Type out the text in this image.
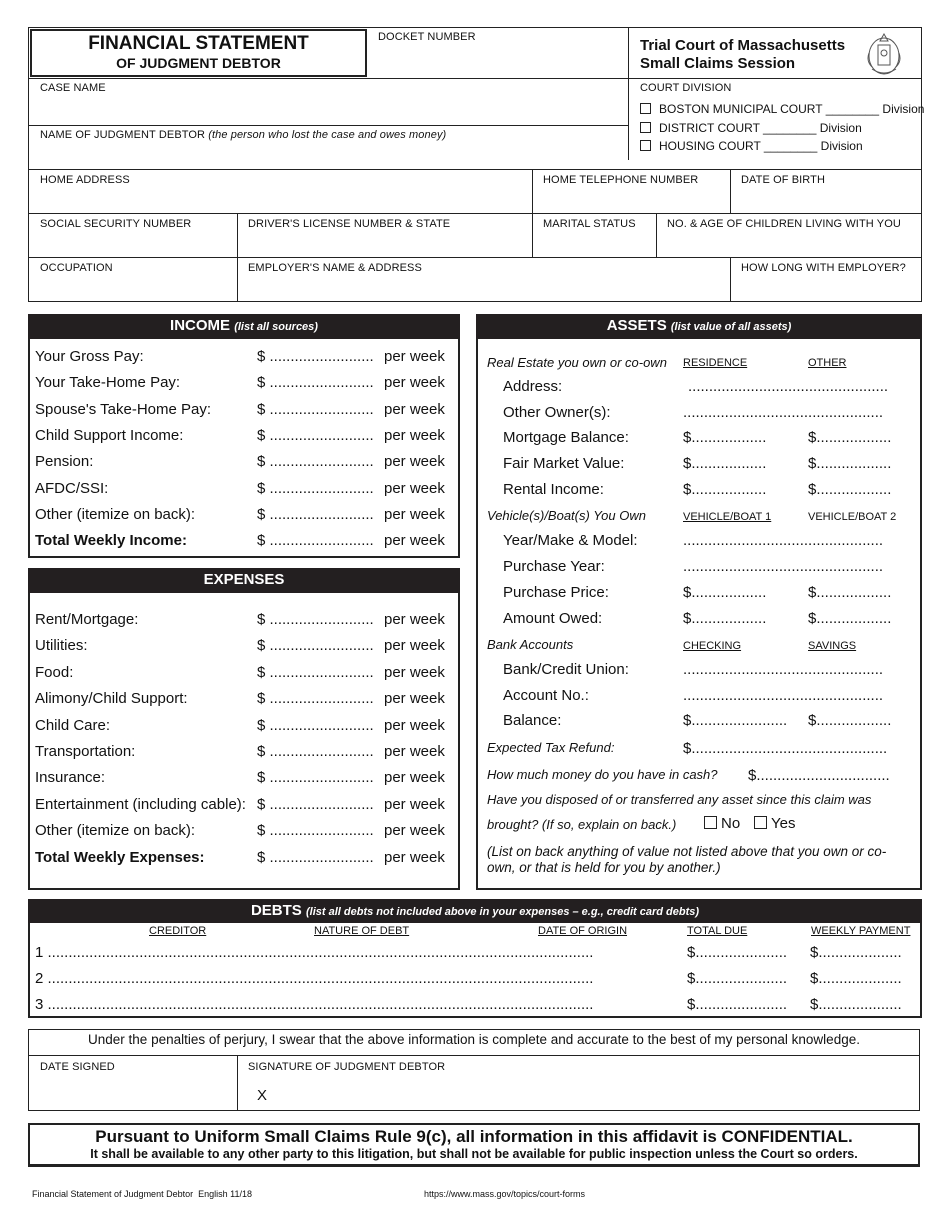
FINANCIAL STATEMENT
OF JUDGMENT DEBTOR
DOCKET NUMBER	Trial Court of Massachusetts
Small Claims Session
CASE NAME
NAME OF JUDGMENT DEBTOR (the person who lost the case and owes money)
COURT DIVISION
BOSTON MUNICIPAL COURT ________ Division
DISTRICT COURT ________ Division
HOUSING COURT ________ Division
HOME ADDRESS	HOME TELEPHONE NUMBER	DATE OF BIRTH
SOCIAL SECURITY NUMBER	DRIVER'S LICENSE NUMBER & STATE	MARITAL STATUS	NO. & AGE OF CHILDREN LIVING WITH YOU
OCCUPATION	EMPLOYER'S NAME & ADDRESS	HOW LONG WITH EMPLOYER?
INCOME (list all sources)
EXPENSES
ASSETS (list value of all assets)
Real Estate you own or co-own RESIDENCE	OTHER
Address:	................................................
Other Owner(s):	................................................
Mortgage Balance:	$..................	$..................
Fair Market Value:	$..................	$..................
Rental Income:	$..................	$..................
Vehicle(s)/Boat(s) You Own	VEHICLE/BOAT 1	VEHICLE/BOAT 2
Year/Make & Model:	................................................
Purchase Year:	................................................
Purchase Price:	$..................	$..................
Amount Owed:	$..................	$..................
Bank Accounts	CHECKING	SAVINGS
Bank/Credit Union:	................................................
Account No.:	................................................
Balance:	$....................... $..................
Expected Tax Refund:	$...............................................
How much money do you have in cash? $................................
Have you disposed of or transferred any asset since this claim was
brought? (If so, explain on back.)	No	Yes
(List on back anything of value not listed above that you own or co-own, or that is held for you by another.)
DEBTS (list all debts not included above in your expenses – e.g., credit card debts)
CREDITOR	NATURE OF DEBT	DATE OF ORIGIN	TOTAL DUE	WEEKLY PAYMENT
Under the penalties of perjury, I swear that the above information is complete and accurate to the best of my personal knowledge.
DATE SIGNED	SIGNATURE OF JUDGMENT DEBTOR
X
Pursuant to Uniform Small Claims Rule 9(c), all information in this affidavit is CONFIDENTIAL.
It shall be available to any other party to this litigation, but shall not be available for public inspection unless the Court so orders.
Financial Statement of Judgment Debtor  English 11/18	https://www.mass.gov/topics/court-forms
Your Gross Pay:	$ ......................... per week
Your Take-Home Pay:	$ ......................... per week
Spouse's Take-Home Pay:	$ ......................... per week
Child Support Income:	$ ......................... per week
Pension:	$ ......................... per week
AFDC/SSI:	$ ......................... per week
Other (itemize on back):	$ ......................... per week
Total Weekly Income:	$ ......................... per week
Rent/Mortgage:	$ ......................... per week
Utilities:	$ ......................... per week
Food:	$ ......................... per week
Alimony/Child Support:	$ ......................... per week
Child Care:	$ ......................... per week
Transportation:	$ ......................... per week
Insurance:	$ ......................... per week
Entertainment (including cable): $ ......................... per week
Other (itemize on back):	$ ......................... per week
Total Weekly Expenses:	$ ......................... per week
1 ...................................................................................................................................	$...................... $....................
2 ...................................................................................................................................	$...................... $....................
3 ...................................................................................................................................	$...................... $....................
